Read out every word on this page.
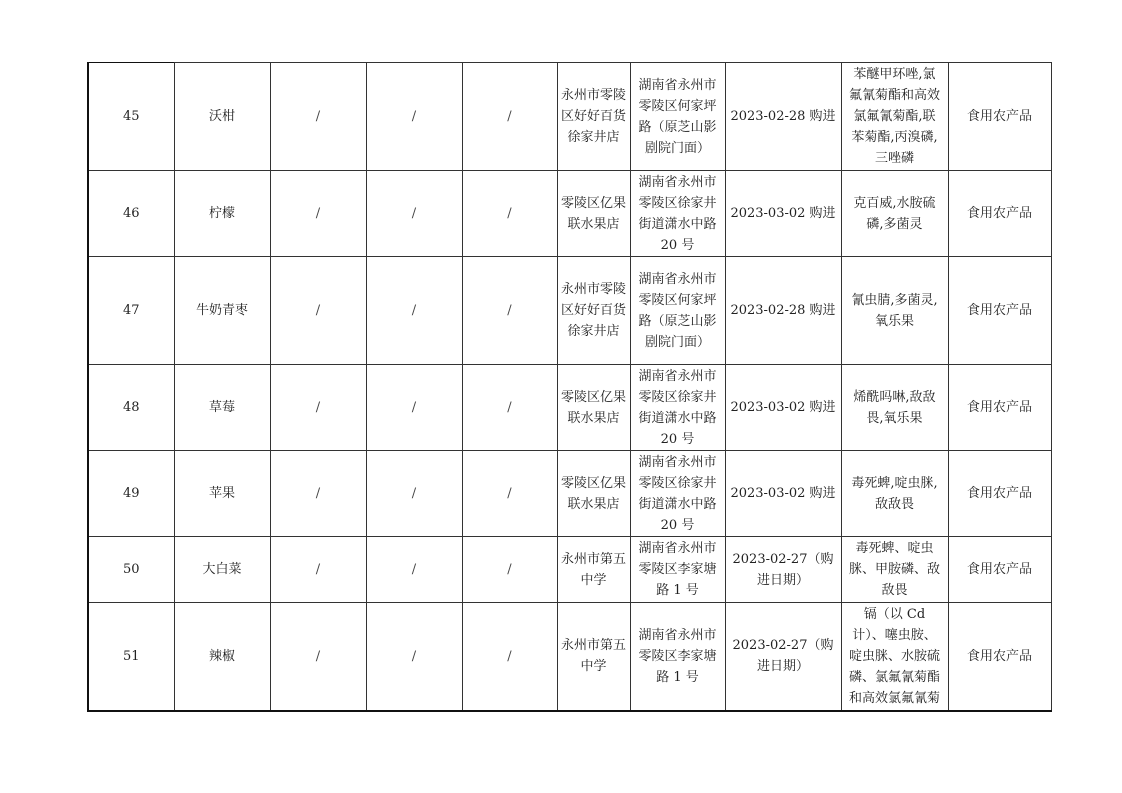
45	沃柑	/	/	/	永州市零陵区好好百货徐家井店	湖南省永州市零陵区何家坪路（原芝山影剧院门面）	2023-02-28 购进	苯醚甲环唑,氯氟氰菊酯和高效氯氟氰菊酯,联苯菊酯,丙溴磷,三唑磷	食用农产品
46	柠檬	/	/	/	零陵区亿果联水果店	湖南省永州市零陵区徐家井街道潇水中路 20 号	2023-03-02 购进	克百威,水胺硫磷,多菌灵	食用农产品
47	牛奶青枣	/	/	/	永州市零陵区好好百货徐家井店	湖南省永州市零陵区何家坪路（原芝山影剧院门面）	2023-02-28 购进	氰虫腈,多菌灵,氧乐果	食用农产品
48	草莓	/	/	/	零陵区亿果联水果店	湖南省永州市零陵区徐家井街道潇水中路 20 号	2023-03-02 购进	烯酰吗啉,敌敌畏,氧乐果	食用农产品
49	苹果	/	/	/	零陵区亿果联水果店	湖南省永州市零陵区徐家井街道潇水中路 20 号	2023-03-02 购进	毒死蜱,啶虫脒,敌敌畏	食用农产品
50	大白菜	/	/	/	永州市第五中学	湖南省永州市零陵区李家塘路 1 号	2023-02-27（购进日期）	毒死蜱、啶虫脒、甲胺磷、敌敌畏	食用农产品
51	辣椒	/	/	/	永州市第五中学	湖南省永州市零陵区李家塘路 1 号	2023-02-27（购进日期）	镉（以 Cd 计）、噻虫胺、啶虫脒、水胺硫磷、氯氟氰菊酯和高效氯氟氰菊	食用农产品
